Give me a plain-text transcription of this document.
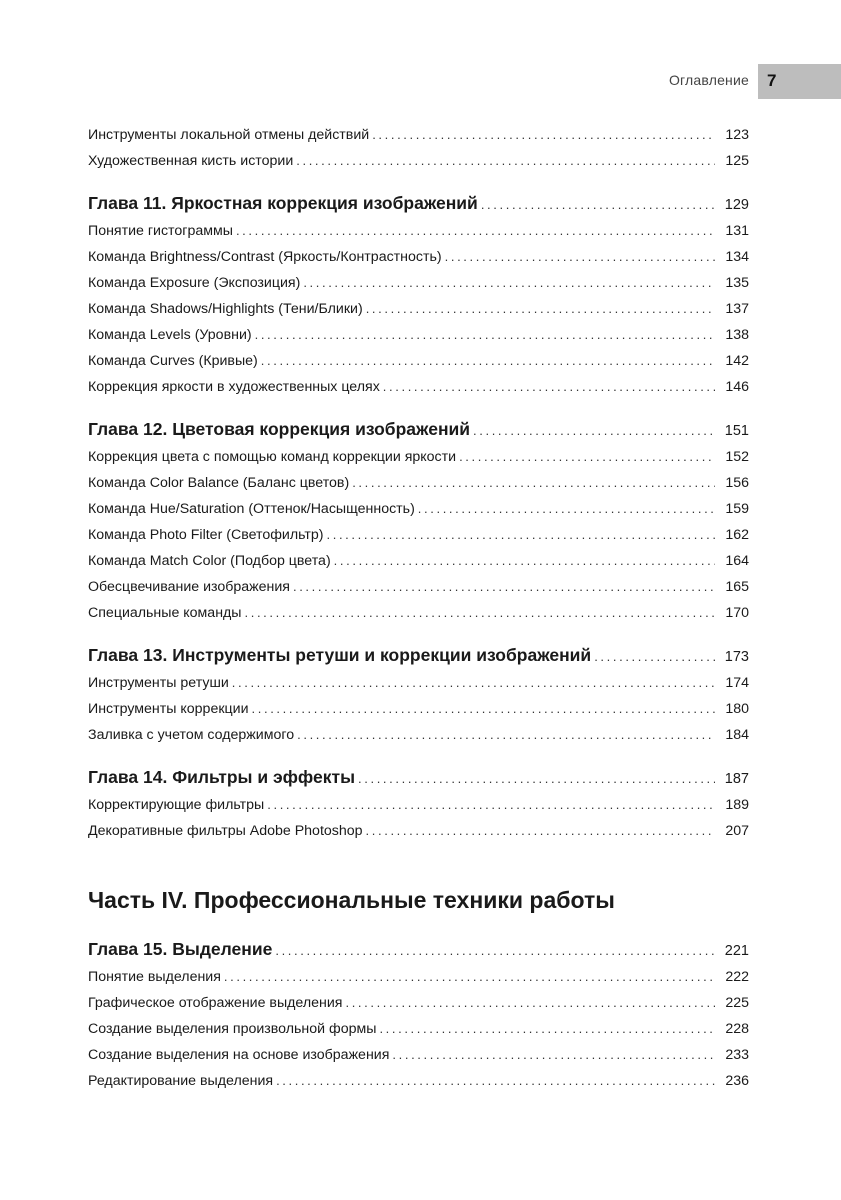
Оглавление 7
Инструменты локальной отмены действий . . .	123
Художественная кисть истории . . .	125
Глава 11.
Яркостная коррекция изображений . . .	129
Понятие гистограммы . . .	131
Команда Brightness/Contrast (Яркость/Контрастность) . . .	134
Команда Exposure (Экспозиция) . . .	135
Команда Shadows/Highlights (Тени/Блики) . . .	137
Команда Levels (Уровни) . . .	138
Команда Curves (Кривые) . . .	142
Коррекция яркости в художественных целях . . .	146
Глава 12.
Цветовая коррекция изображений . . .	151
Коррекция цвета с помощью команд коррекции яркости . . .	152
Команда Color Balance (Баланс цветов) . . .	156
Команда Hue/Saturation (Оттенок/Насыщенность) . . .	159
Команда Photo Filter (Светофильтр) . . .	162
Команда Match Color (Подбор цвета) . . .	164
Обесцвечивание изображения . . .	165
Специальные команды . . .	170
Глава 13.
Инструменты ретуши и коррекции изображений . . .	173
Инструменты ретуши . . .	174
Инструменты коррекции . . .	180
Заливка с учетом содержимого . . .	184
Глава 14.
Фильтры и эффекты . . .	187
Корректирующие фильтры . . .	189
Декоративные фильтры Adobe Photoshop . . .	207
Часть IV. Профессиональные техники работы
Глава 15.
Выделение . . .	221
Понятие выделения . . .	222
Графическое отображение выделения . . .	225
Создание выделения произвольной формы . . .	228
Создание выделения на основе изображения . . .	233
Редактирование выделения . . .	236
